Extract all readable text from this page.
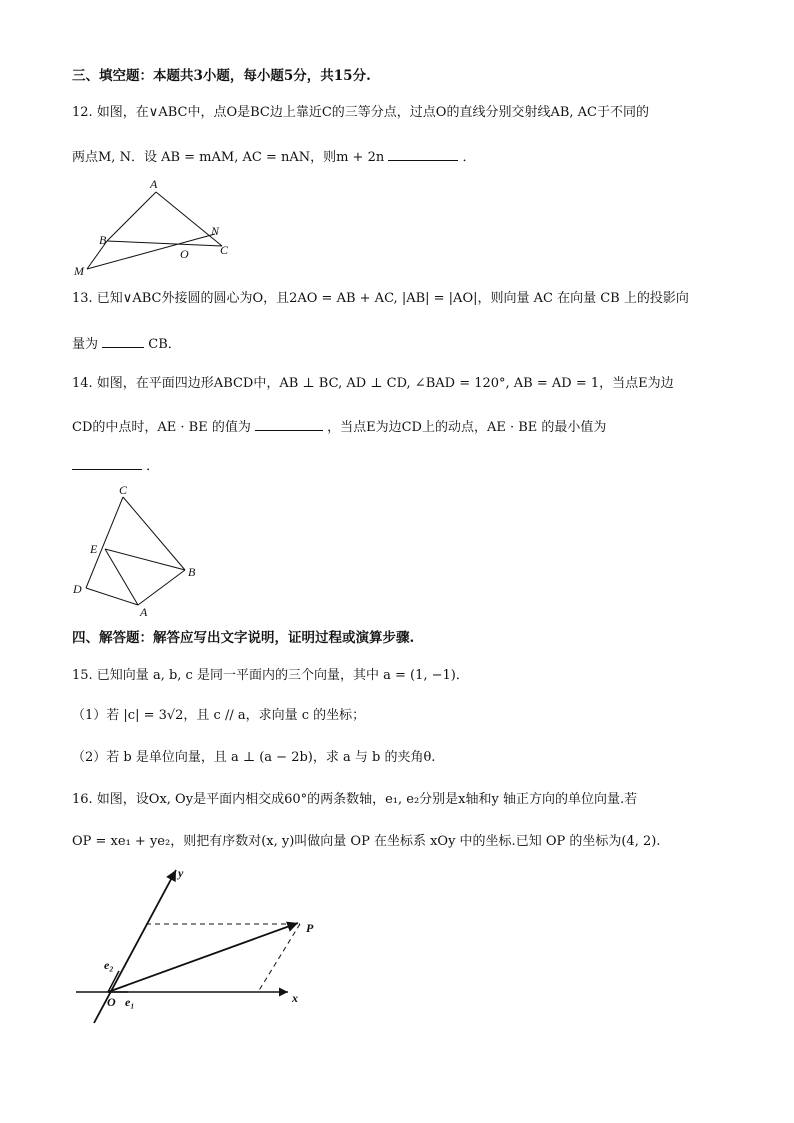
三、填空题：本题共3小题，每小题5分，共15分.
12. 如图，在∨ABC中，点O是BC边上靠近C的三等分点，过点O的直线分别交射线AB, AC于不同的
两点M, N．设 AB = mAM, AC = nAN，则m + 2n	．
A
B
N
O	C
M
13. 已知∨ABC外接圆的圆心为O，且2AO = AB + AC, |AB| = |AO|，则向量 AC 在向量 CB 上的投影向
量为	CB．
14. 如图，在平面四边形ABCD中，AB ⊥ BC, AD ⊥ CD, ∠BAD = 120°, AB = AD = 1，当点E为边
CD的中点时，AE · BE 的值为	，当点E为边CD上的动点，AE · BE 的最小值为
．
C
E
B
D
A
四、解答题：解答应写出文字说明，证明过程或演算步骤.
15. 已知向量 a, b, c 是同一平面内的三个向量，其中 a = (1, −1)．
（1）若 |c| = 3√2，且 c // a，求向量 c 的坐标；
（2）若 b 是单位向量，且 a ⊥ (a − 2b)，求 a 与 b 的夹角θ.
16. 如图，设Ox, Oy是平面内相交成60°的两条数轴，e₁, e₂分别是x轴和y 轴正方向的单位向量.若
OP = xe₁ + ye₂，则把有序数对(x, y)叫做向量 OP 在坐标系 xOy 中的坐标.已知 OP 的坐标为(4, 2).
y
P
e₂
O e₁	x
